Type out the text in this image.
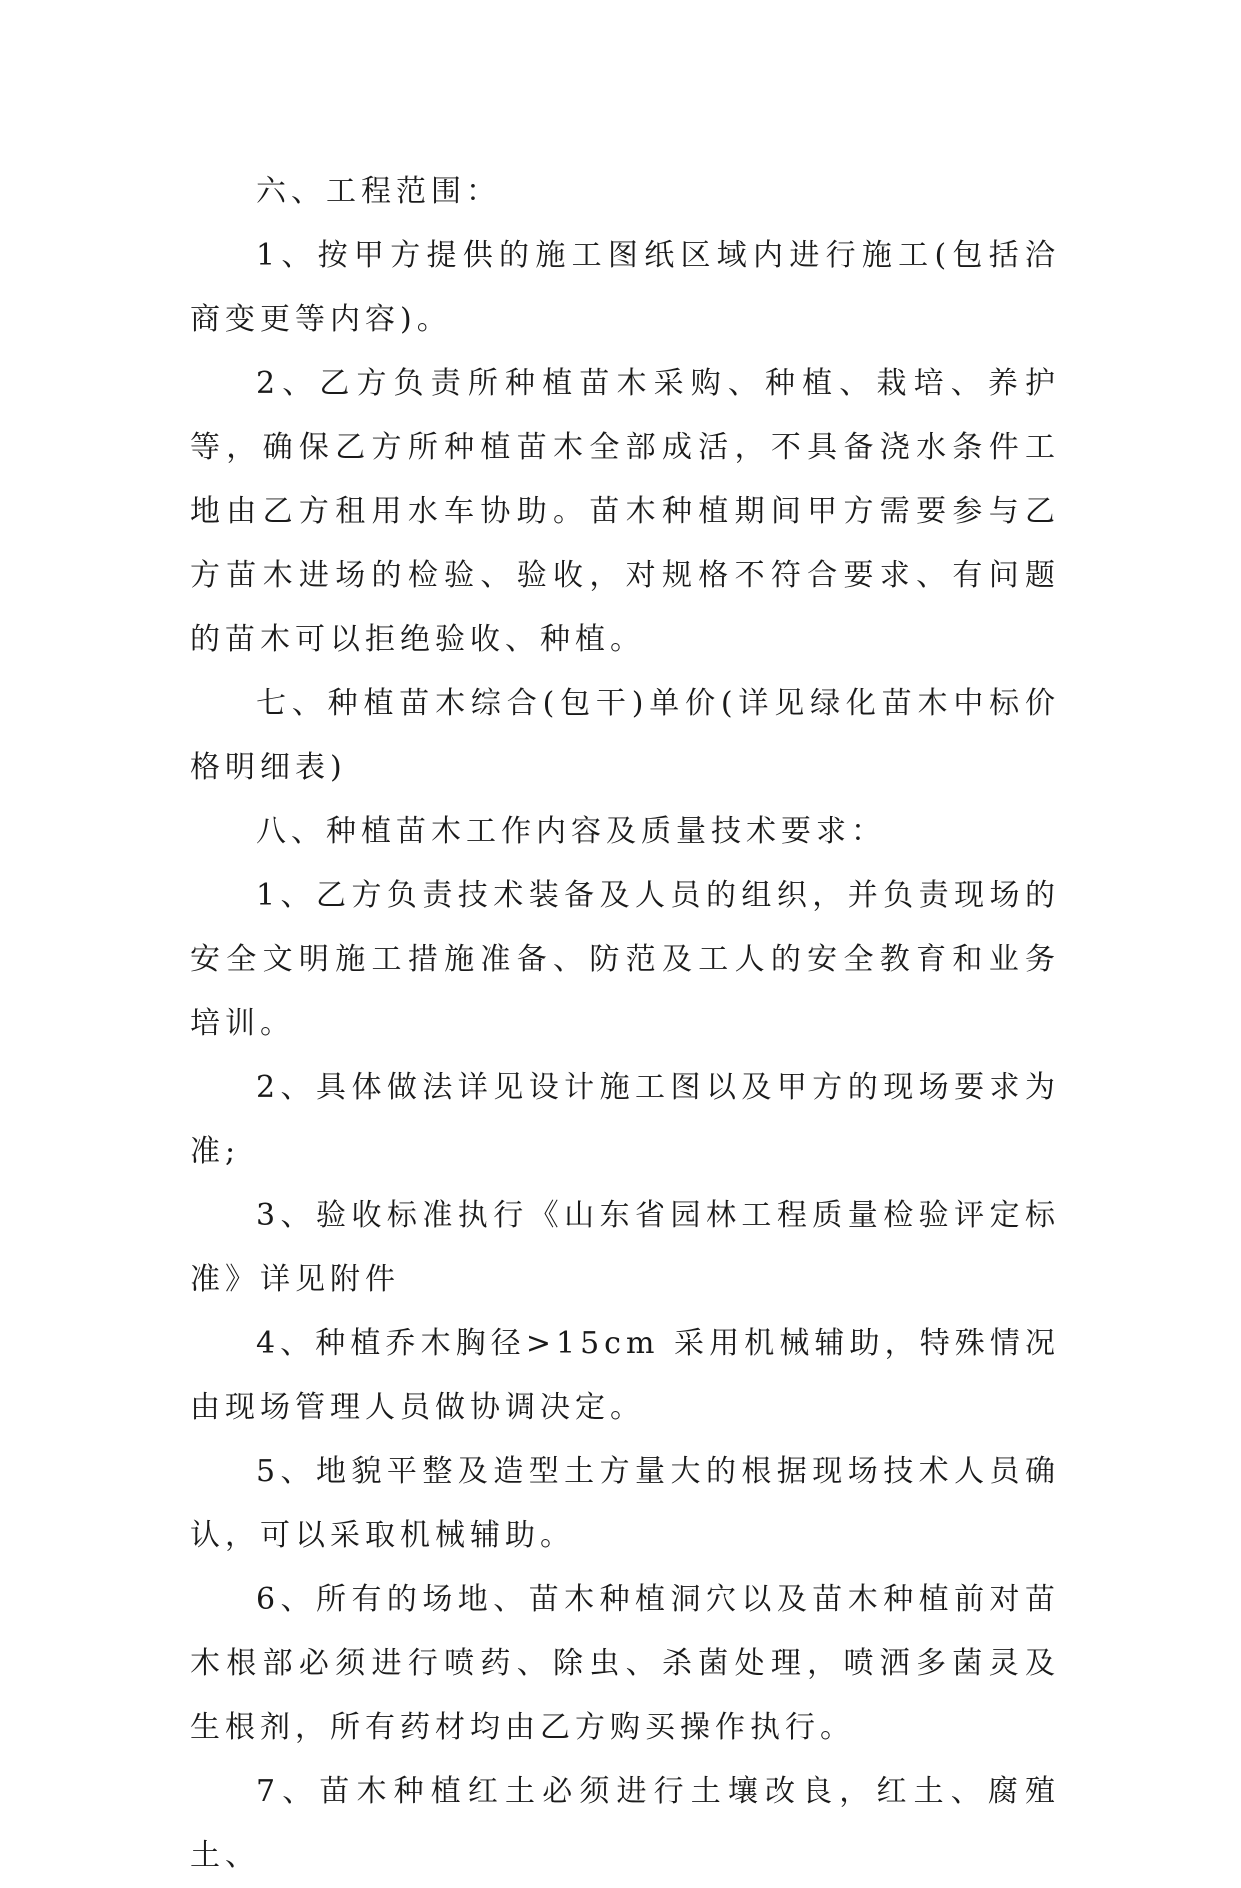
六、工程范围：

1、按甲方提供的施工图纸区域内进行施工(包括洽商变更等内容)。

2、乙方负责所种植苗木采购、种植、栽培、养护等，确保乙方所种植苗木全部成活，不具备浇水条件工地由乙方租用水车协助。苗木种植期间甲方需要参与乙方苗木进场的检验、验收，对规格不符合要求、有问题的苗木可以拒绝验收、种植。

七、种植苗木综合(包干)单价(详见绿化苗木中标价格明细表)

八、种植苗木工作内容及质量技术要求：

1、乙方负责技术装备及人员的组织，并负责现场的安全文明施工措施准备、防范及工人的安全教育和业务培训。

2、具体做法详见设计施工图以及甲方的现场要求为准;

3、验收标准执行《山东省园林工程质量检验评定标准》详见附件

4、种植乔木胸径>15cm 采用机械辅助，特殊情况由现场管理人员做协调决定。

5、地貌平整及造型土方量大的根据现场技术人员确认，可以采取机械辅助。

6、所有的场地、苗木种植洞穴以及苗木种植前对苗木根部必须进行喷药、除虫、杀菌处理，喷洒多菌灵及生根剂，所有药材均由乙方购买操作执行。

7、苗木种植红土必须进行土壤改良，红土、腐殖土、
